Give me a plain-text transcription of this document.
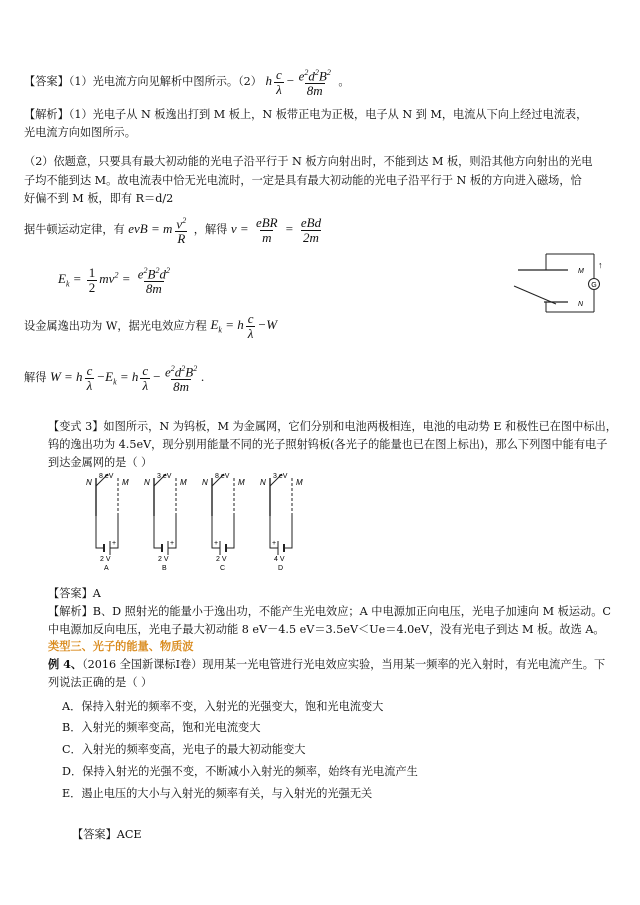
【答案】（1）光电流方向见解析中图所示。（2） h $\frac{c}{\lambda} - \frac{e^2d^2B^2}{8m}$ 。
【解析】（1）光电子从 N 板逸出打到 M 板上，N 板带正电为正极，电子从 N 到 M，电流从下向上经过电流表，
光电流方向如图所示。
（2）依题意，只要具有最大初动能的光电子沿平行于 N 板方向射出时，不能到达 M 板，则沿其他方向射出的光电
子均不能到达 M。故电流表中恰无光电流时，一定是具有最大初动能的光电子沿平行于 N 板的方向进入磁场，恰
好偏不到 M 板，即有 R＝d/2
据牛顿运动定律，有 evB = m $\frac{v^2}{R}$ ，解得 $v = \frac{\text{eBR}}{m} = \frac{\text{eBd}}{2m}$
$E_k = \frac{1}{2} mv^2 = \frac{e^2B^2d^2}{8m}$	G
M
N
↑
设金属逸出功为 W，据光电效应方程 $E_k = h \frac{c}{\lambda} -W$
解得 W = h $\frac{c}{\lambda} -E_k = h \frac{c}{\lambda} - \frac{e^2d^2B^2}{8m}$ .
【变式 3】如图所示，N 为钨板，M 为金属网，它们分别和电池两极相连，电池的电动势 E 和极性已在图中标出，
钨的逸出功为 4.5eV，现分别用能量不同的光子照射钨板(各光子的能量也已在图上标出)，那么下列图中能有电子
到达金属网的是（ ）
+
N	M
8 eV
2 V
A
+
N	M
3 eV
2 V
B
+
N	M
8 eV
2 V
C
+
N	M
3 eV
4 V
D
【答案】A
【解析】B、D 照射光的能量小于逸出功，不能产生光电效应；A 中电源加正向电压，光电子加速向 M 板运动。C
中电源加反向电压，光电子最大初动能 8 eV－4.5 eV＝3.5eV＜Ue＝4.0eV，没有光电子到达 M 板。故选 A。
类型三、光子的能量、物质波
例 4、（2016 全国新课标Ⅰ卷）现用某一光电管进行光电效应实验，当用某一频率的光入射时，有光电流产生。下
列说法正确的是（ ）
A．保持入射光的频率不变，入射光的光强变大，饱和光电流变大
B．入射光的频率变高，饱和光电流变大
C．入射光的频率变高，光电子的最大初动能变大
D．保持入射光的光强不变，不断减小入射光的频率，始终有光电流产生
E．遏止电压的大小与入射光的频率有关，与入射光的光强无关
【答案】ACE
